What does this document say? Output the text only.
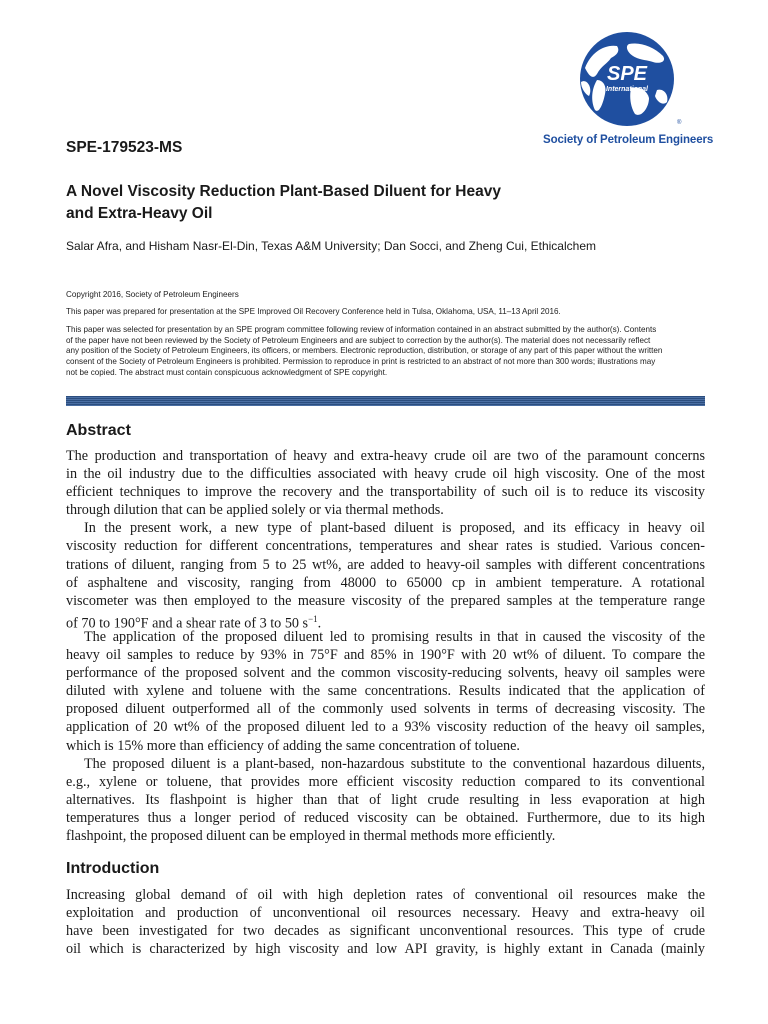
SPE
International
®
Society of Petroleum Engineers
SPE-179523-MS
A Novel Viscosity Reduction Plant-Based Diluent for Heavy
and Extra-Heavy Oil
Salar Afra, and Hisham Nasr-El-Din, Texas A&M University; Dan Socci, and Zheng Cui, Ethicalchem
Copyright 2016, Society of Petroleum Engineers
This paper was prepared for presentation at the SPE Improved Oil Recovery Conference held in Tulsa, Oklahoma, USA, 11–13 April 2016.
This paper was selected for presentation by an SPE program committee following review of information contained in an abstract submitted by the author(s). Contents
of the paper have not been reviewed by the Society of Petroleum Engineers and are subject to correction by the author(s). The material does not necessarily reflect
any position of the Society of Petroleum Engineers, its officers, or members. Electronic reproduction, distribution, or storage of any part of this paper without the written
consent of the Society of Petroleum Engineers is prohibited. Permission to reproduce in print is restricted to an abstract of not more than 300 words; illustrations may
not be copied. The abstract must contain conspicuous acknowledgment of SPE copyright.
Abstract
The production and transportation of heavy and extra-heavy crude oil are two of the paramount concerns
in the oil industry due to the difficulties associated with heavy crude oil high viscosity. One of the most
efficient techniques to improve the recovery and the transportability of such oil is to reduce its viscosity
through dilution that can be applied solely or via thermal methods.
In the present work, a new type of plant-based diluent is proposed, and its efficacy in heavy oil
viscosity reduction for different concentrations, temperatures and shear rates is studied. Various concen-
trations of diluent, ranging from 5 to 25 wt%, are added to heavy-oil samples with different concentrations
of asphaltene and viscosity, ranging from 48000 to 65000 cp in ambient temperature. A rotational
viscometer was then employed to the measure viscosity of the prepared samples at the temperature range
of 70 to 190°F and a shear rate of 3 to 50 $s^{-1}$.
The application of the proposed diluent led to promising results in that in caused the viscosity of the
heavy oil samples to reduce by 93% in 75°F and 85% in 190°F with 20 wt% of diluent. To compare the
performance of the proposed solvent and the common viscosity-reducing solvents, heavy oil samples were
diluted with xylene and toluene with the same concentrations. Results indicated that the application of
proposed diluent outperformed all of the commonly used solvents in terms of decreasing viscosity. The
application of 20 wt% of the proposed diluent led to a 93% viscosity reduction of the heavy oil samples,
which is 15% more than efficiency of adding the same concentration of toluene.
The proposed diluent is a plant-based, non-hazardous substitute to the conventional hazardous diluents,
e.g., xylene or toluene, that provides more efficient viscosity reduction compared to its conventional
alternatives. Its flashpoint is higher than that of light crude resulting in less evaporation at high
temperatures thus a longer period of reduced viscosity can be obtained. Furthermore, due to its high
flashpoint, the proposed diluent can be employed in thermal methods more efficiently.
Introduction
Increasing global demand of oil with high depletion rates of conventional oil resources make the
exploitation and production of unconventional oil resources necessary. Heavy and extra-heavy oil
have been investigated for two decades as significant unconventional resources. This type of crude
oil which is characterized by high viscosity and low API gravity, is highly extant in Canada (mainly
